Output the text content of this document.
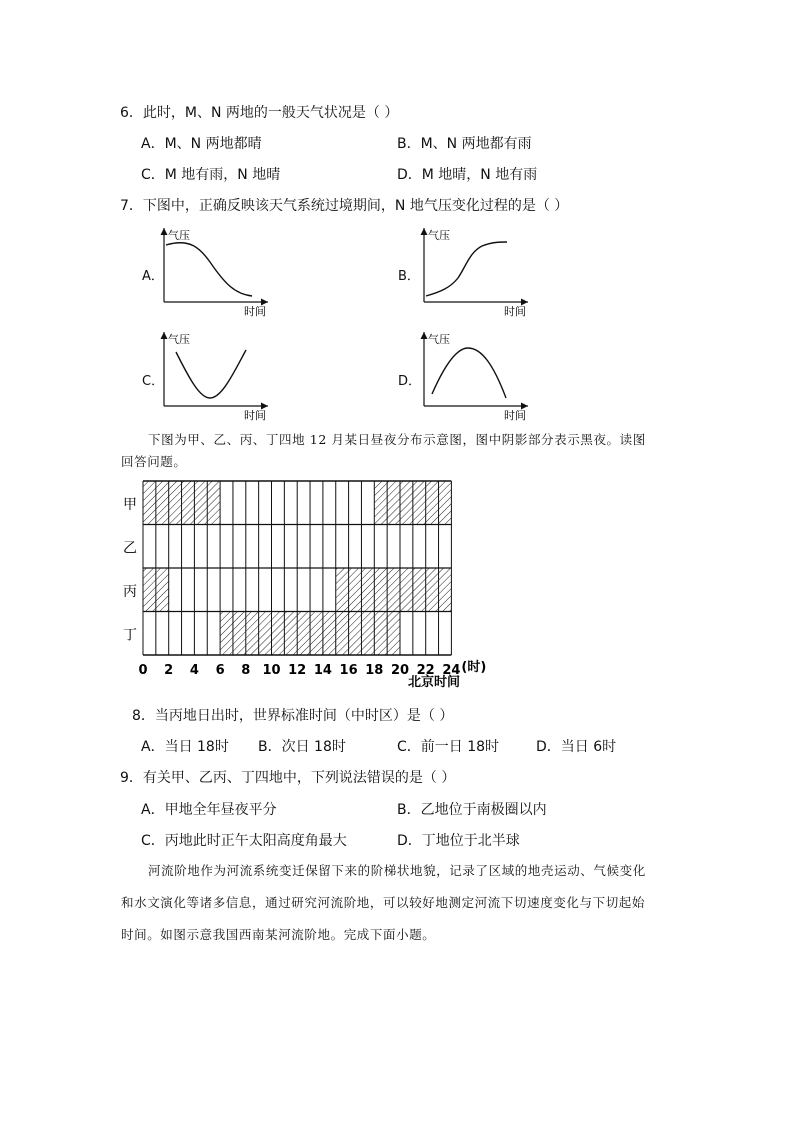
6．此时，M、N 两地的一般天气状况是（ ）
A．M、N 两地都晴	B．M、N 两地都有雨
C．M 地有雨，N 地晴	D．M 地晴，N 地有雨
7．下图中，正确反映该天气系统过境期间，N 地气压变化过程的是（ ）
A．
气压
时间
B．
气压
时间
C．
气压
时间
D．
气压
时间
下图为甲、乙、丙、丁四地 12 月某日昼夜分布示意图，图中阴影部分表示黑夜。读图
回答问题。
甲
乙
丙
丁
0 2 4 6 8 10 12 14 16 18 20 22 24 (时)
北京时间
8．当丙地日出时，世界标准时间（中时区）是（ ）
A．当日 18时 B．次日 18时	C．前一日 18时	D．当日 6时
9．有关甲、乙丙、丁四地中，下列说法错误的是（ ）
A．甲地全年昼夜平分	B．乙地位于南极圈以内
C．丙地此时正午太阳高度角最大	D．丁地位于北半球
河流阶地作为河流系统变迁保留下来的阶梯状地貌，记录了区域的地壳运动、气候变化
和水文演化等诸多信息，通过研究河流阶地，可以较好地测定河流下切速度变化与下切起始
时间。如图示意我国西南某河流阶地。完成下面小题。
